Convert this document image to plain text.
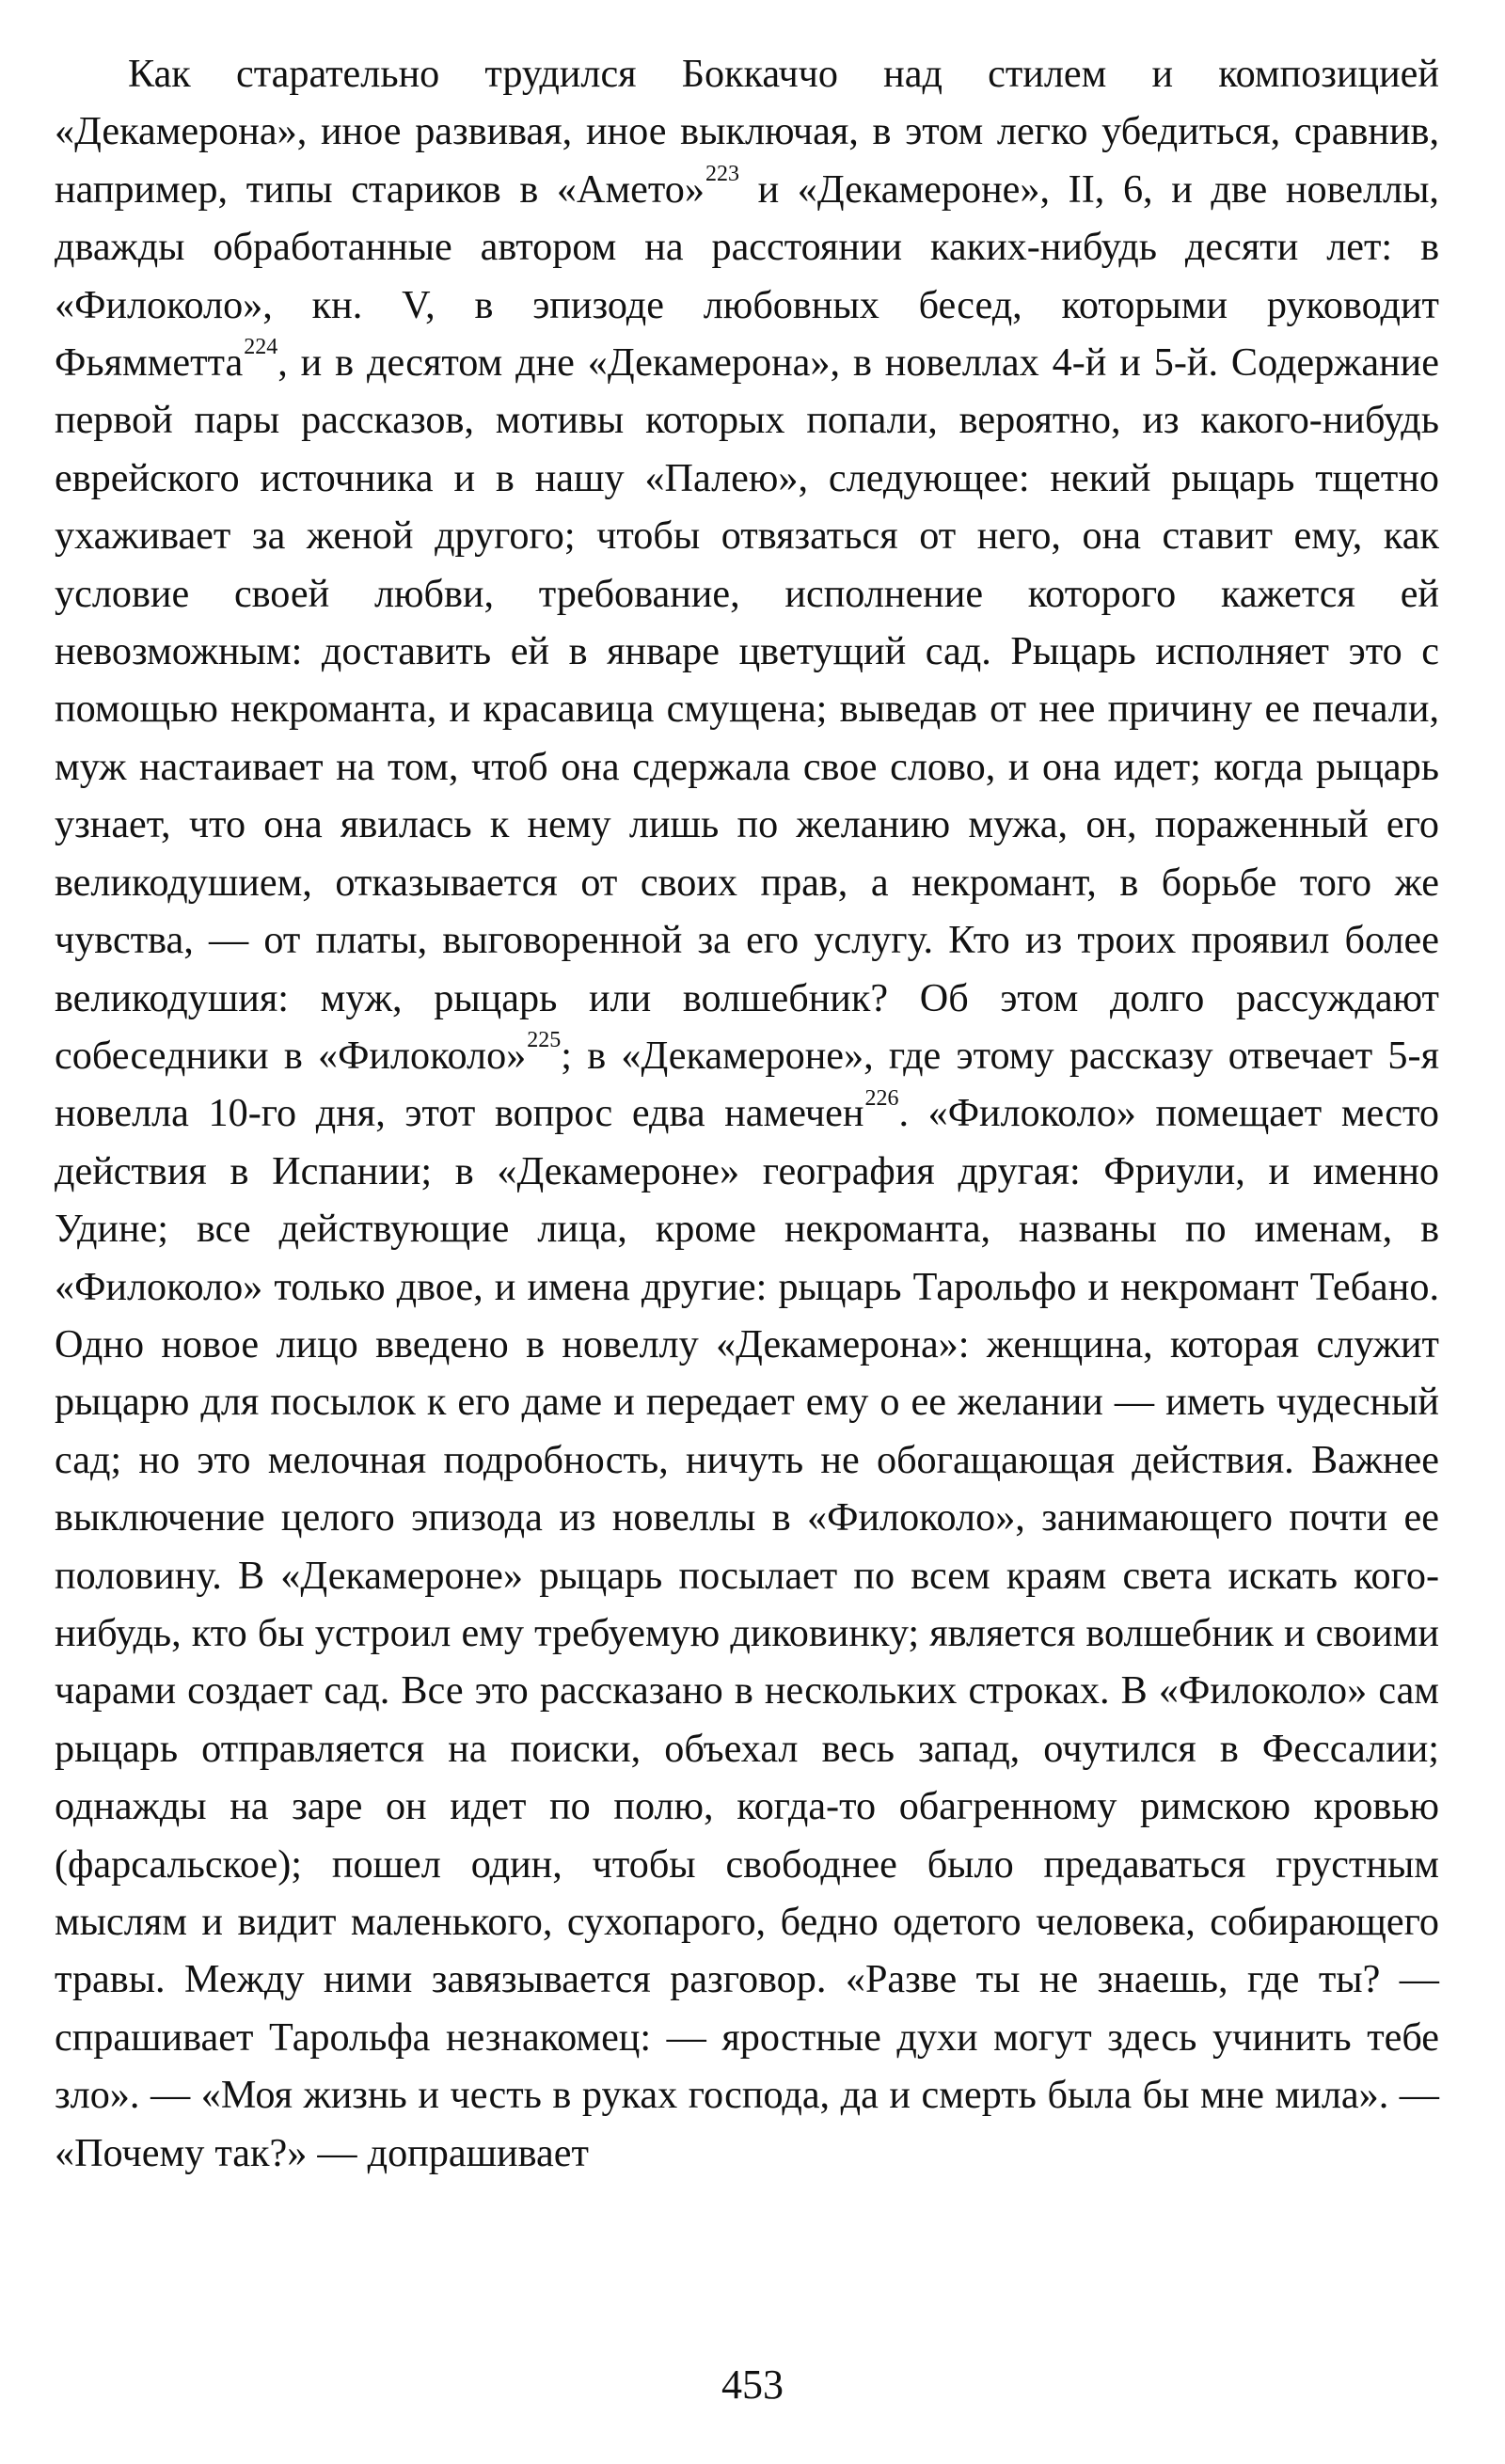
Как старательно трудился Боккаччо над стилем и композицией «Декамерона», иное развивая, иное выключая, в этом легко убедиться, сравнив, например, типы стариков в «Амето»$^{223}$ и «Декамероне», II, 6, и две новеллы, дважды обработанные автором на расстоянии каких-нибудь десяти лет: в «Филоколо», кн. V, в эпизоде любовных бесед, которыми руководит Фьямметта$^{224}$, и в десятом дне «Декамерона», в новеллах 4-й и 5-й. Содержание первой пары рассказов, мотивы которых попали, вероятно, из какого-нибудь еврейского источника и в нашу «Палею», следующее: некий рыцарь тщетно ухаживает за женой другого; чтобы отвязаться от него, она ставит ему, как условие своей любви, требование, исполнение которого кажется ей невозможным: доставить ей в январе цветущий сад. Рыцарь исполняет это с помощью некроманта, и красавица смущена; выведав от нее причину ее печали, муж настаивает на том, чтоб она сдержала свое слово, и она идет; когда рыцарь узнает, что она явилась к нему лишь по желанию мужа, он, пораженный его великодушием, отказывается от своих прав, а некромант, в борьбе того же чувства, — от платы, выговоренной за его услугу. Кто из троих проявил более великодушия: муж, рыцарь или волшебник? Об этом долго рассуждают собеседники в «Филоколо»$^{225}$; в «Декамероне», где этому рассказу отвечает 5-я новелла 10-го дня, этот вопрос едва намечен$^{226}$. «Филоколо» помещает место действия в Испании; в «Декамероне» география другая: Фриули, и именно Удине; все действующие лица, кроме некроманта, названы по именам, в «Филоколо» только двое, и имена другие: рыцарь Тарольфо и некромант Тебано. Одно новое лицо введено в новеллу «Декамерона»: женщина, которая служит рыцарю для посылок к его даме и передает ему о ее желании — иметь чудесный сад; но это мелочная подробность, ничуть не обогащающая действия. Важнее выключение целого эпизода из новеллы в «Филоколо», занимающего почти ее половину. В «Декамероне» рыцарь посылает по всем краям света искать кого-нибудь, кто бы устроил ему требуемую диковинку; является волшебник и своими чарами создает сад. Все это рассказано в нескольких строках. В «Филоколо» сам рыцарь отправляется на поиски, объехал весь запад, очутился в Фессалии; однажды на заре он идет по полю, когда-то обагренному римскою кровью (фарсальское); пошел один, чтобы свободнее было предаваться грустным мыслям и видит маленького, сухопарого, бедно одетого человека, собирающего травы. Между ними завязывается разговор. «Разве ты не знаешь, где ты? — спрашивает Тарольфа незнакомец: — яростные духи могут здесь учинить тебе зло». — «Моя жизнь и честь в руках господа, да и смерть была бы мне мила». — «Почему так?» — допрашивает

453
